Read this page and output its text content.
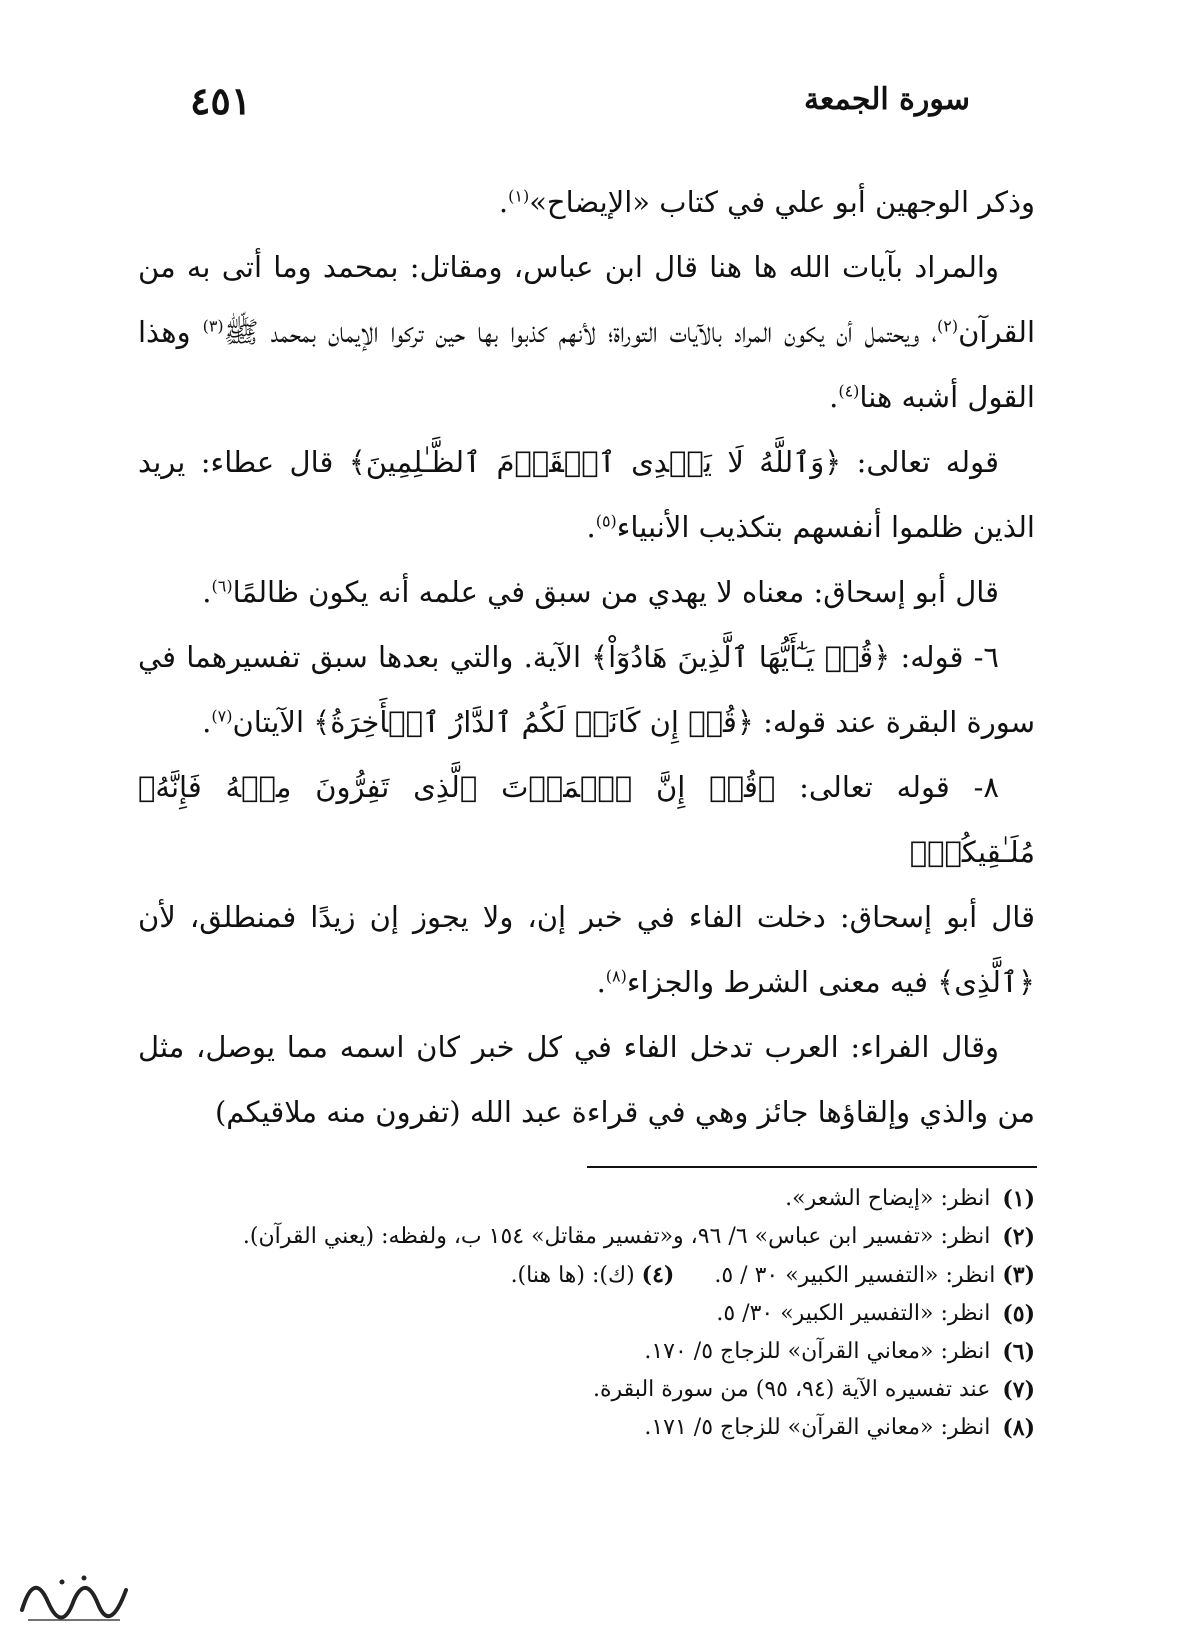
سورة الجمعة
٤٥١

وذكر الوجهين أبو علي في كتاب «الإيضاح»$^{(١)}$.

والمراد بآيات الله ها هنا قال ابن عباس، ومقاتل: بمحمد وما أتى به من القرآن$^{(٢)}$، ويحتمل أن يكون المراد بالآيات التوراة؛ لأنهم كذبوا بها حين تركوا الإيمان بمحمد ﷺ$^{(٣)}$ وهذا القول أشبه هنا$^{(٤)}$.

قوله تعالى: ﴿وَٱللَّهُ لَا يَهۡدِى ٱلۡقَوۡمَ ٱلظَّـٰلِمِينَ﴾ قال عطاء: يريد الذين ظلموا أنفسهم بتكذيب الأنبياء$^{(٥)}$.

قال أبو إسحاق: معناه لا يهدي من سبق في علمه أنه يكون ظالمًا$^{(٦)}$.

٦- قوله: ﴿قُلۡ يَـٰٓأَيُّهَا ٱلَّذِينَ هَادُوٓاْ﴾ الآية. والتي بعدها سبق تفسيرهما في سورة البقرة عند قوله: ﴿قُلۡ إِن كَانَتۡ لَكُمُ ٱلدَّارُ ٱلۡأَخِرَةُ﴾ الآيتان$^{(٧)}$.

٨- قوله تعالى: ﴿قُلۡ إِنَّ ٱلۡمَوۡتَ ٱلَّذِى تَفِرُّونَ مِنۡهُ فَإِنَّهُۥ مُلَـٰقِيكُمۡ﴾

قال أبو إسحاق: دخلت الفاء في خبر إن، ولا يجوز إن زيدًا فمنطلق، لأن ﴿ٱلَّذِى﴾ فيه معنى الشرط والجزاء$^{(٨)}$.

وقال الفراء: العرب تدخل الفاء في كل خبر كان اسمه مما يوصل، مثل من والذي وإلقاؤها جائز وهي في قراءة عبد الله (تفرون منه ملاقيكم)

(١)
انظر: «إيضاح الشعر».
(٢)
انظر: «تفسير ابن عباس» ٦/ ٩٦، و«تفسير مقاتل» ١٥٤ ب، ولفظه: (يعني القرآن).
(٣) انظر: «التفسير الكبير» ٣٠ / ٥.
(٤) (ك): (ها هنا).
(٥)
انظر: «التفسير الكبير» ٣٠/ ٥.
(٦)
انظر: «معاني القرآن» للزجاج ٥/ ١٧٠.
(٧)
عند تفسيره الآية (٩٤، ٩٥) من سورة البقرة.
(٨)
انظر: «معاني القرآن» للزجاج ٥/ ١٧١.
